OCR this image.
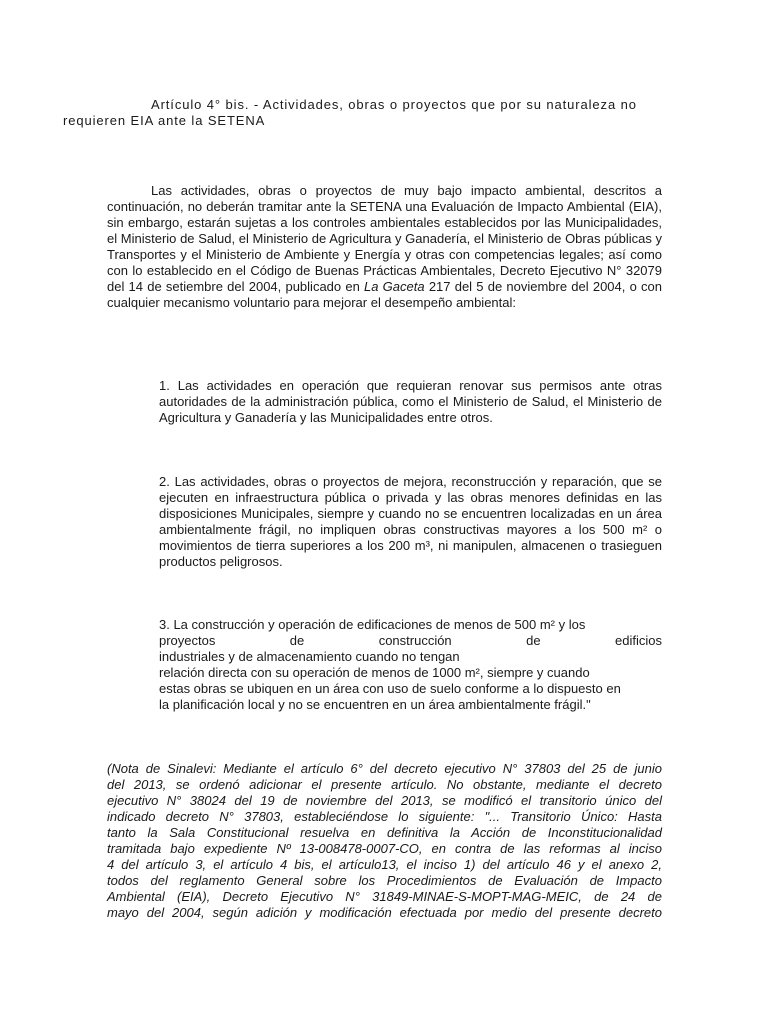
Artículo 4° bis. - Actividades, obras o proyectos que por su naturaleza no
requieren EIA ante la SETENA

Las actividades, obras o proyectos de muy bajo impacto ambiental, descritos a continuación, no deberán tramitar ante la SETENA una Evaluación de Impacto Ambiental (EIA), sin embargo, estarán sujetas a los controles ambientales establecidos por las Municipalidades, el Ministerio de Salud, el Ministerio de Agricultura y Ganadería, el Ministerio de Obras públicas y Transportes y el Ministerio de Ambiente y Energía y otras con competencias legales; así como con lo establecido en el Código de Buenas Prácticas Ambientales, Decreto Ejecutivo N° 32079 del 14 de setiembre del 2004, publicado en La Gaceta 217 del 5 de noviembre del 2004, o con cualquier mecanismo voluntario para mejorar el desempeño ambiental:

1. Las actividades en operación que requieran renovar sus permisos ante otras autoridades de la administración pública, como el Ministerio de Salud, el Ministerio de Agricultura y Ganadería y las Municipalidades entre otros.

2. Las actividades, obras o proyectos de mejora, reconstrucción y reparación, que se ejecuten en infraestructura pública o privada y las obras menores definidas en las disposiciones Municipales, siempre y cuando no se encuentren localizadas en un área ambientalmente frágil, no impliquen obras constructivas mayores a los 500 m² o movimientos de tierra superiores a los 200 m³, ni manipulen, almacenen o trasieguen productos peligrosos.

3. La construcción y operación de edificaciones de menos de 500 m² y los
proyectos	de	construcción	de	edificios
industriales y de almacenamiento cuando no tengan
relación directa con su operación de menos de 1000 m², siempre y cuando
estas obras se ubiquen en un área con uso de suelo conforme a lo dispuesto en
la planificación local y no se encuentren en un área ambientalmente frágil."
(Nota de Sinalevi: Mediante el artículo 6° del decreto ejecutivo N° 37803 del 25 de junio
del 2013, se ordenó adicionar el presente artículo. No obstante, mediante el decreto
ejecutivo N° 38024 del 19 de noviembre del 2013, se modificó el transitorio único del
indicado decreto N° 37803, estableciéndose lo siguiente: "... Transitorio Único: Hasta
tanto la Sala Constitucional resuelva en definitiva la Acción de Inconstitucionalidad
tramitada bajo expediente Nº 13-008478-0007-CO, en contra de las reformas al inciso
4 del artículo 3, el artículo 4 bis, el artículo13, el inciso 1) del artículo 46 y el anexo 2,
todos del reglamento General sobre los Procedimientos de Evaluación de Impacto
Ambiental (EIA), Decreto Ejecutivo N° 31849-MINAE-S-MOPT-MAG-MEIC, de 24 de
mayo del 2004, según adición y modificación efectuada por medio del presente decreto
